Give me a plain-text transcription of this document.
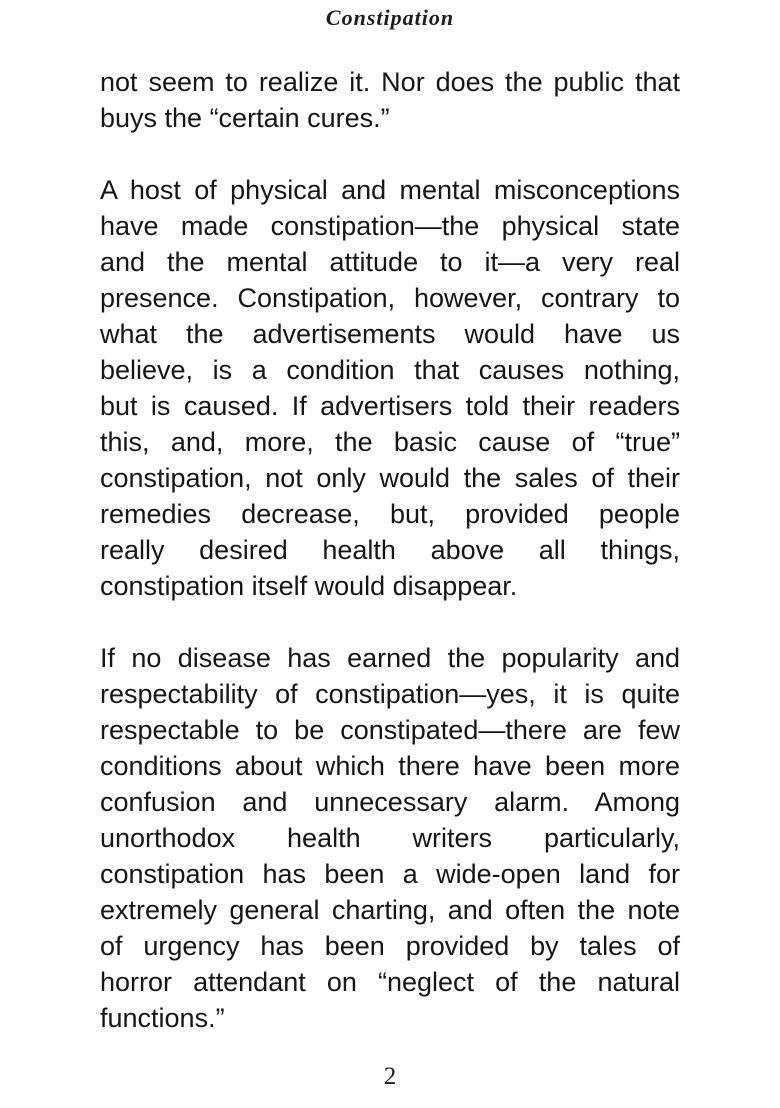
Constipation
not seem to realize it. Nor does the public that
buys the “certain cures.”
A host of physical and mental misconceptions
have made constipation—the physical state
and the mental attitude to it—a very real
presence. Constipation, however, contrary to
what the advertisements would have us
believe, is a condition that causes nothing,
but is caused. If advertisers told their readers
this, and, more, the basic cause of “true”
constipation, not only would the sales of their
remedies decrease, but, provided people
really desired health above all things,
constipation itself would disappear.
If no disease has earned the popularity and
respectability of constipation—yes, it is quite
respectable to be constipated—there are few
conditions about which there have been more
confusion and unnecessary alarm. Among
unorthodox health writers particularly,
constipation has been a wide-open land for
extremely general charting, and often the note
of urgency has been provided by tales of
horror attendant on “neglect of the natural
functions.”
2
